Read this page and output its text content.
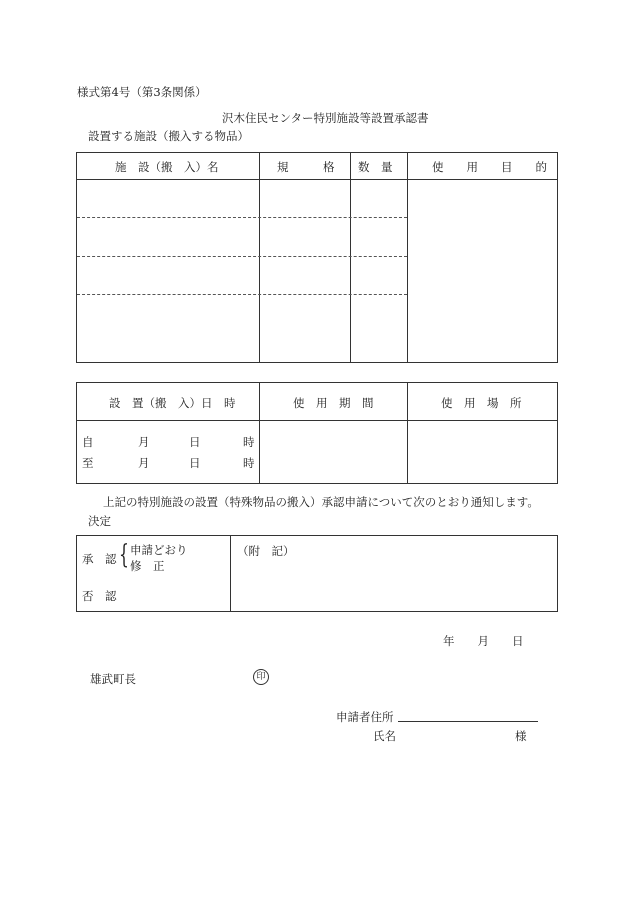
様式第4号（第3条関係）
沢木住民センター特別施設等設置承認書
設置する施設（搬入する物品）
施　設（搬　入）名	規　　　格 数　量	使　　用　　目　　的
設　置（搬　入）日　時	使　用　期　間	使　用　場　所
自	月	日	時
至	月	日	時
上記の特別施設の設置（特殊物品の搬入）承認申請について次のとおり通知します。
決定
承　認 { 申請どおり
修　正
否　認
（附　記）
年　　月　　日
雄武町長	印
申請者住所
氏名	様
